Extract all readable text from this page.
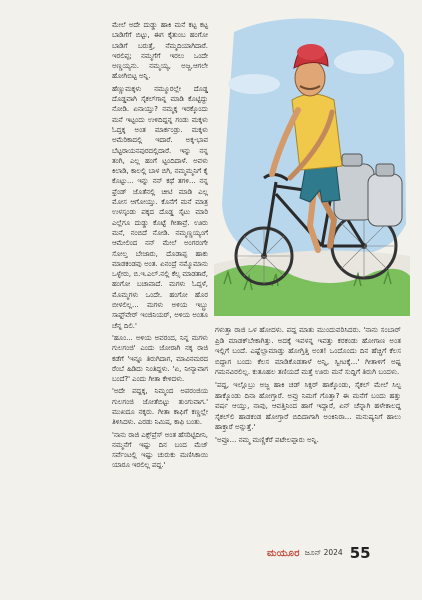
ಮೇಲೆ ಅದೇ ದುಡ್ಡು ಹಾಕಿ ಮನೆ ಕಟ್ಟ ಕಟ್ಟ ಬಾಡಿಗೆಗೆ ಬಿಟ್ಟು, ಈಗ ಕೈತುಂಬ ಹಂಗೋ ಬಾಡಿಗೆ ಬರುತ್ತೆ, ನೆಮ್ಮದಿಯಾಗಿದಾರೆ. ಇರಲಿಪ್ಪ; ನಮ್ಮಗೆಗೆ ಇರಲು ಒಂದೇ ಅಣ್ಣಯ್ಯನು. ನಮ್ಮಯ್ಯ, ಅಜ್ಜ,ಆಗಲೇ ಹೋಗಿಬಿಟ್ಟ ಅನ್ನಿ.

ಹೆಣ್ಣುಮಕ್ಕಳು ನಮ್ಮೂರಲ್ಲೇ ದೊಡ್ಡ ದೊಡ್ಡವಾಗಿ ಸೈಕಲ್‌ಗಾನ್ನ ಮಾಡಿ ಕೊಟ್ಟಿದ್ದು ನೋಡಿ. ಏನಾಯ್ತು? ನಮ್ಮಕ್ಕ ಇರಕ್ಕೊಂದು ಮನೆ ಇಟ್ಟಂದು ಉಳಿದಿದ್ದನ್ನ ಗಂಡು ಮಕ್ಕಳು ಓದ್ತಕ್ಕ ಅಂತ ಮಾರ್ಕಂಡ್ರು. ಮಕ್ಕಳು ಅಮೆರಿಕಾದಲ್ಲಿ ಇದಾರೆ. ಅಕ್ಕ-ಭಾವ ಬೆಟ್ಟರಾಯನಪುರದಲ್ಲಿದಾರೆ. ಇನ್ನು ನನ್ನ ತಂಗಿ, ಎಲ್ಲ ಹಂಗೆ ಟ್ಟಂದಿದಾಳೆ. ಅವಳು ಕಿಲಾಡಿ, ಕಾಲಲ್ಲಿ ಬಾಳ ಬಿಗಿ, ನಮ್ಮಮ್ಮನಿಗೆ ಕೈ ಕೊಟ್ಟು... ಇನ್ನು ನನ್ ಕಥೆ ತಗಳಿ... ನನ್ನ ಫ್ರೆಂಡ್ ಜೊತೆನಲ್ಲಿ ಚೀಟಿ ಮಾಡಿ ಎಲ್ಲ ಮೋಸ ಆಗೋಯ್ತು. ಕೊನೆಗೆ ಮನೆ ಮಾತ್ರ ಉಳಸ್ಕಂಡು ಪಕ್ಕದ ದೊಡ್ಡ ಸೈಟು ಮಾರಿ ಎಲ್ಲೆಗೂ ದುಡ್ಡು ಕೊಟ್ಟೆ ಗೀತಾವ್ರೆ. ಊರು ಮನೆ, ನಂಬಿದೆ ನೋಡಿ. ನಮ್ಮಣ್ಣಯ್ಯಂಗೆ ಆಮೇಲಿಂದ ನನ್ ಮೇಲೆ ಅಂಗರಂಗೇ ಸೋಲ್ತ ಬೇಜಾರು, ದೊಡಾಪ್ಪ ಹಾಕು ಮಾಡಕಂಡವು ಅಂತ. ಏನಂದ್ರೆ ನಮ್ಮೊಮಾನು ಒಳ್ಳೇರು, ಬಿ.ಇ.ಎಲ್.ನಲ್ಲಿ ಕೆಲ್ಸ ಮಾಡತಾರೆ, ಹಂಗೋ ಬಚಾವಾದೆ. ಮಗಳು ಓದ್ಸಳೆ, ಮೊಮ್ಮಗಳು ಒಂದೇ. ಹಂಗೋ ಹೊರ ಬೀಳಲಿಲ್ಲ... ಮಗಳು ಅಳಿಯ ಇಬ್ಬ್ರು ಸಾಫ್ಟ್‌ವೇರ್ ಇಂಜಿನಿಯರ್, ಅಳಿಯ ಅಂತೂ ಚೆನ್ನ ದಿಲಿ.'

'ಹೂಂ... ಅಳಿಯ ಅವರಂದ, ನಿನ್ನ ಮಗಳು ಗುಲಗಂಜಿ' ಎಂದು ಜೋರಾಗಿ ನಕ್ಕ ರಾಜಿ ಕಡೆಗೆ 'ಇನ್ನೂ ತಿರುಗಿದಾಗ, ಮಾವಿನಮರದ ರೆಂಬೆ ಹಿಡಿದು ನಿಂತಿದ್ದಳು. 'ಏ, ನೀನ್ಯಾವಾಗ ಬಂದೆ?' ಎಂದು ಗೀತಾ ಕೇಳಿದಳು.

'ಅದೇ ಪದ್ದಕ್ಕ, ನಿಮ್ಮಂದ ಅಪರಂಜಿಯ ಗುಲಗಂಜಿ ಜೋತೆಬಿಟ್ಟು ತುಂಗುವಾಗ.' ಮುಖದೂ ನಕ್ಕರು. ಗೀತಾ ಕಾಫಿಗೆ ಕಣ್ಣಲ್ಲೇ ತಿಳಿಸಿದಳು. ಎರಡು ನಿಮಿಷ, ಕಾಫಿ ಬಂತು.

'ನಾನು ರಾಜಿ ಎಕ್ಸ್‌ಪ್ರೆಸ್ ಅಂತ ಹೆಸರಿಟ್ಟಿದೀನಿ, ನಮ್ಮನೆಗೆ ಇಷ್ಟು ದಿನ ಬಂದ ಮೆಜ್ ಸರ್ವೆಂಟಲ್ಲಿ ಇಷ್ಟು ಚುರುಕು ಮಣಿಸಿಕಾಯಿ ಯಾರೂ ಇರಲಿಲ್ಲ ಪದ್ದ.'

ಗಳುತ್ತಾ ರಾಜಿ ಒಳ ಹೋದಳು. ಪದ್ದ ಮಾತು ಮುಂದುವರಿಸಿದರು. 'ನಾನು ಸಂಬಾರ್ ಪ್ರಿಡಿ ಮಾಡಕ್‌ಬೇಕಾಗಿತ್ತು. ಅದಕ್ಕೆ ಇವಳನ್ನ ಇವತ್ತು ಕರಕಂಡು ಹೋಗಾಣ ಅಂತ ಇಲ್ಲಿಗೆ ಬಂದೆ. ಎಷ್ಟೆಲ್ಲಾಮಾಡ್ತು ಹೋಗ್ತಿತ್ತಿ ಅಂತ! ಒಂದೊಂದು ದಿನ ಹೆಚ್ಚಿಗೆ ಕೆಲಸ ಬಿದ್ದಾಗ ಬಂದು ಕೆಲಸ ಮಾಡಿಕೊಡತಾಳೆ ಅನ್ನಿ, ಸ್ವೀಟಕ್ಕೆ...' ಗೀತಾಳಿಗೆ ಅಷ್ಟ ಗಮನವಿರಲಿಲ್ಲ. ಕುತೂಹಲ ತಣಿಯದೆ ಮತ್ತೆ ಊರು ಮನೆ ಸುದ್ದಿಗೆ ತಿರುಗಿ ಬಂದಳು.

'ಪದ್ದ, ಇಲ್ಲೊಬ್ರು ಅಜ್ಜ ಹಾಕಿ ಚಡ್ ಸಿಕ್ಸರ್ ಹಾಕ್ಕೊಂಡು, ಸೈಕಲ್ ಮೇಲೆ ಸಿಲ್ಟ ಹಾಕ್ಕೊಂಡು ದಿನಾ ಹೋಗ್ತಾರೆ. ಅವ್ರು ನಿಮಗೆ ಗೊತ್ತಾ? ಈ ಮನೆಗೆ ಬಂದು ಹತ್ತು ವರ್ಷ ಆಯ್ತು, ನಾವು, ಆವತ್ತಿನಿಂದ ಹಾಗೆ ಇದ್ದಾರೆ, ಏನ್ ಚೆನ್ನಾಗಿ ಹಳೇಕಾಲದ್ದ ಸೈಕಲ್‌ಲಿ ಹಾಡಕಂಡ ಹೋಗ್ತಾರೆ ಬಿದಿದಾಗಾಗಿ ಅಂಕಿನಿರಾ... ಮನುಷ್ಯನಿಗೆ ಹಾಲು ಹಾಕ್ತಾರೆ ಅನ್ಸುತ್ತೆ.'

'ಅವ್ರೂ... ನಮ್ಮ ಮಣ್ಣಿಕೆರೆ ಪಟೇಲಪ್ಪಾರು ಅನ್ನಿ.

ಮಯೂರ ಜೂನ್ 2024 55
